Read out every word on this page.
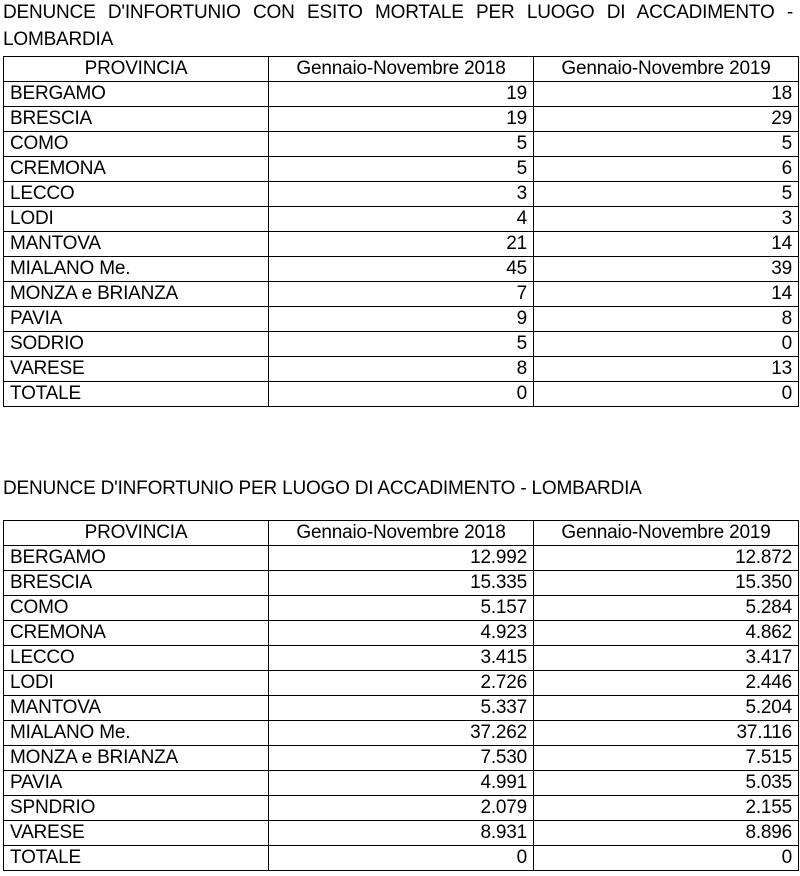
DENUNCE D'INFORTUNIO CON ESITO MORTALE PER LUOGO DI ACCADIMENTO -
LOMBARDIA
PROVINCIA	Gennaio-Novembre 2018	Gennaio-Novembre 2019
BERGAMO	19	18
BRESCIA	19	29
COMO	5	5
CREMONA	5	6
LECCO	3	5
LODI	4	3
MANTOVA	21	14
MIALANO Me.	45	39
MONZA e BRIANZA	7	14
PAVIA	9	8
SODRIO	5	0
VARESE	8	13
TOTALE	0	0
DENUNCE D'INFORTUNIO PER LUOGO DI ACCADIMENTO - LOMBARDIA
PROVINCIA	Gennaio-Novembre 2018	Gennaio-Novembre 2019
BERGAMO	12.992	12.872
BRESCIA	15.335	15.350
COMO	5.157	5.284
CREMONA	4.923	4.862
LECCO	3.415	3.417
LODI	2.726	2.446
MANTOVA	5.337	5.204
MIALANO Me.	37.262	37.116
MONZA e BRIANZA	7.530	7.515
PAVIA	4.991	5.035
SPNDRIO	2.079	2.155
VARESE	8.931	8.896
TOTALE	0	0
